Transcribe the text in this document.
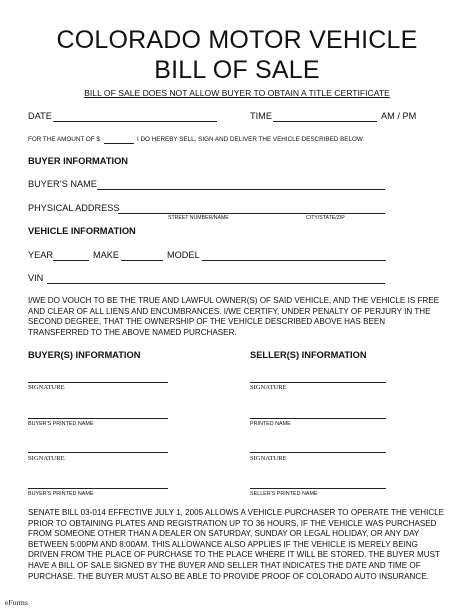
COLORADO MOTOR VEHICLE
BILL OF SALE
BILL OF SALE DOES NOT ALLOW BUYER TO OBTAIN A TITLE CERTIFICATE
DATE	TIME	AM / PM
FOR THE AMOUNT OF $	I DO HEREBY SELL, SIGN AND DELIVER THE VEHICLE DESCRIBED BELOW.
BUYER INFORMATION
BUYER’S NAME
PHYSICAL ADDRESS
STREET NUMBER/NAME	CITY/STATE/ZIP
VEHICLE INFORMATION
YEAR	MAKE	MODEL
VIN
I/WE DO VOUCH TO BE THE TRUE AND LAWFUL OWNER(S) OF SAID VEHICLE, AND THE VEHICLE IS FREE AND CLEAR OF ALL LIENS AND ENCUMBRANCES. I/WE CERTIFY, UNDER PENALTY OF PERJURY IN THE SECOND DEGREE, THAT THE OWNERSHIP OF THE VEHICLE DESCRIBED ABOVE HAS BEEN TRANSFERRED TO THE ABOVE NAMED PURCHASER.
BUYER(S) INFORMATION	SELLER(S) INFORMATION
SIGNATURE	SIGNATURE
BUYER'S PRINTED NAME	PRINTED NAME
SIGNATURE	SIGNATURE
BUYER'S PRINTED NAME	SELLER'S PRINTED NAME
SENATE BILL 03-014 EFFECTIVE JULY 1, 2005 ALLOWS A VEHICLE PURCHASER TO OPERATE THE VEHICLE PRIOR TO OBTAINING PLATES AND REGISTRATION UP TO 36 HOURS, IF THE VEHICLE WAS PURCHASED FROM SOMEONE OTHER THAN A DEALER ON SATURDAY, SUNDAY OR LEGAL HOLIDAY, OR ANY DAY BETWEEN 5:00PM AND 8:00AM. THIS ALLOWANCE ALSO APPLIES IF THE VEHICLE IS MERELY BEING DRIVEN FROM THE PLACE OF PURCHASE TO THE PLACE WHERE IT WILL BE STORED. THE BUYER MUST HAVE A BILL OF SALE SIGNED BY THE BUYER AND SELLER THAT INDICATES THE DATE AND TIME OF PURCHASE. THE BUYER MUST ALSO BE ABLE TO PROVIDE PROOF OF COLORADO AUTO INSURANCE.
eForms
